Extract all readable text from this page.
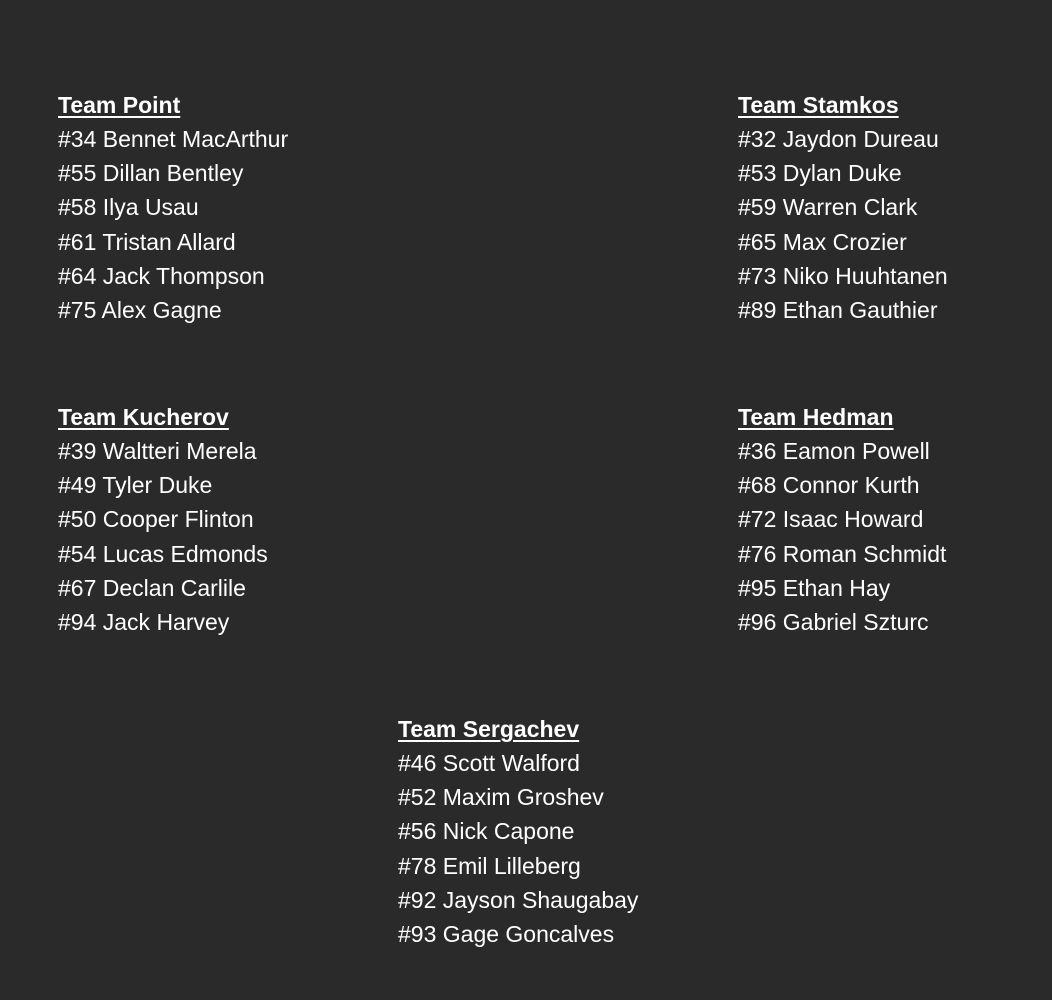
Team Point
#34 Bennet MacArthur
#55 Dillan Bentley
#58 Ilya Usau
#61 Tristan Allard
#64 Jack Thompson
#75 Alex Gagne
Team Stamkos
#32 Jaydon Dureau
#53 Dylan Duke
#59 Warren Clark
#65 Max Crozier
#73 Niko Huuhtanen
#89 Ethan Gauthier
Team Kucherov
#39 Waltteri Merela
#49 Tyler Duke
#50 Cooper Flinton
#54 Lucas Edmonds
#67 Declan Carlile
#94 Jack Harvey
Team Hedman
#36 Eamon Powell
#68 Connor Kurth
#72 Isaac Howard
#76 Roman Schmidt
#95 Ethan Hay
#96 Gabriel Szturc
Team Sergachev
#46 Scott Walford
#52 Maxim Groshev
#56 Nick Capone
#78 Emil Lilleberg
#92 Jayson Shaugabay
#93 Gage Goncalves
